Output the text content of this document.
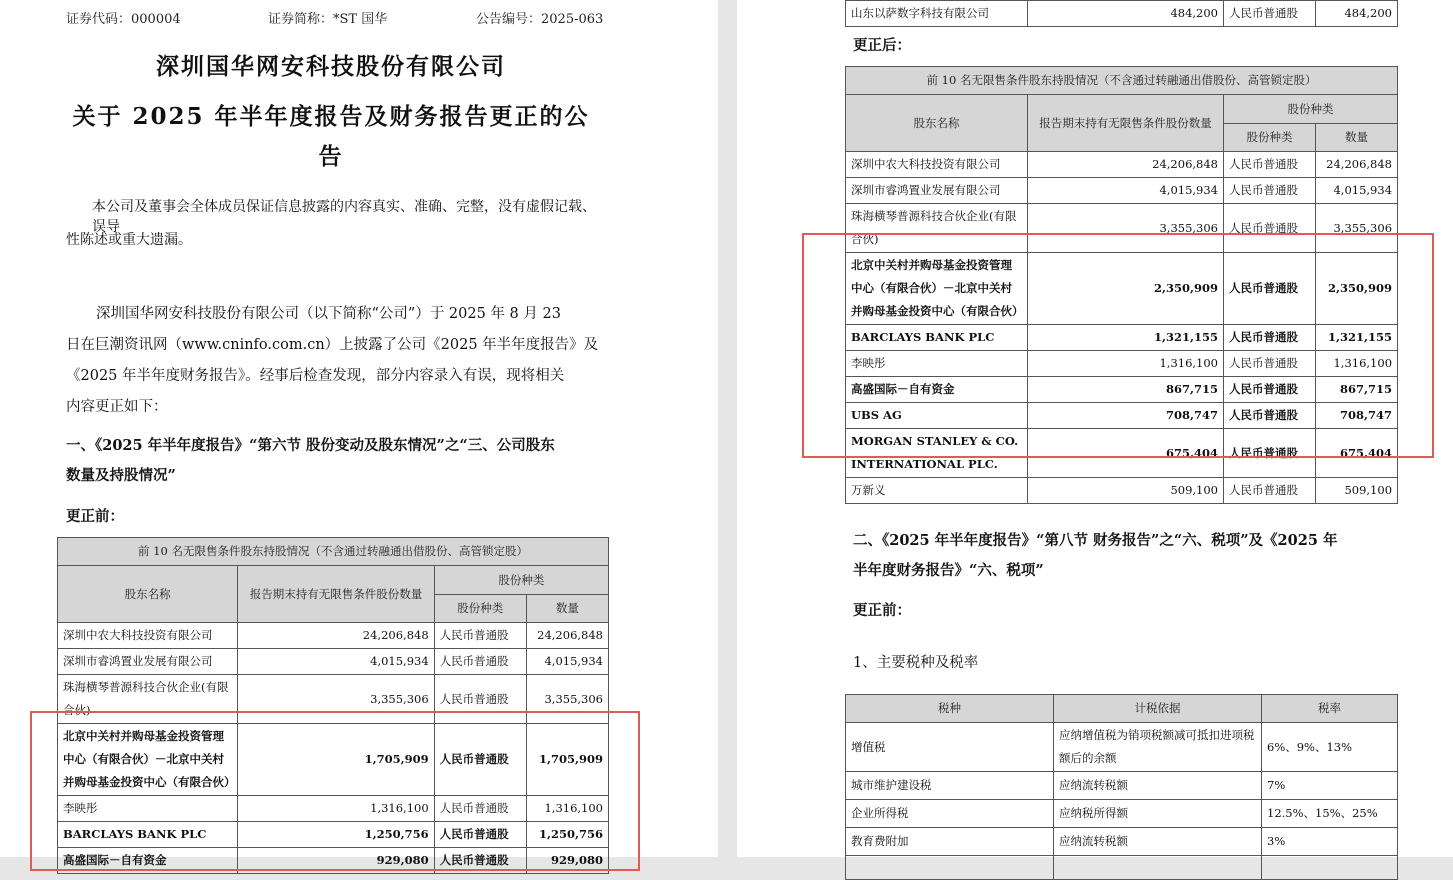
证券代码：000004	证券简称：*ST 国华	公告编号：2025-063
深圳国华网安科技股份有限公司
关于 2025 年半年度报告及财务报告更正的公
告
本公司及董事会全体成员保证信息披露的内容真实、准确、完整，没有虚假记载、误导
性陈述或重大遗漏。
深圳国华网安科技股份有限公司（以下简称“公司”）于 2025 年 8 月 23
日在巨潮资讯网（www.cninfo.com.cn）上披露了公司《2025 年半年度报告》及
《2025 年半年度财务报告》。经事后检查发现，部分内容录入有误，现将相关
内容更正如下：
一、《2025 年半年度报告》“第六节 股份变动及股东情况”之“三、公司股东
数量及持股情况”
更正前：
前 10 名无限售条件股东持股情况（不含通过转融通出借股份、高管锁定股）			
股东名称	报告期末持有无限售条件股份数量	股份种类	
		股份种类	数量
深圳中农大科技投资有限公司	24,206,848	人民币普通股	24,206,848
深圳市睿鸿置业发展有限公司	4,015,934	人民币普通股	4,015,934
珠海横琴普源科技合伙企业(有限合伙)	3,355,306	人民币普通股	3,355,306
北京中关村并购母基金投资管理中心（有限合伙）－北京中关村并购母基金投资中心（有限合伙）	1,705,909	人民币普通股	1,705,909
李映彤	1,316,100	人民币普通股	1,316,100
BARCLAYS BANK PLC	1,250,756	人民币普通股	1,250,756
高盛国际－自有资金	929,080	人民币普通股	929,080
山东以萨数字科技有限公司	484,200	人民币普通股	484,200
更正后：
前 10 名无限售条件股东持股情况（不含通过转融通出借股份、高管锁定股）			
股东名称	报告期末持有无限售条件股份数量	股份种类	
		股份种类	数量
深圳中农大科技投资有限公司	24,206,848	人民币普通股	24,206,848
深圳市睿鸿置业发展有限公司	4,015,934	人民币普通股	4,015,934
珠海横琴普源科技合伙企业(有限合伙)	3,355,306	人民币普通股	3,355,306
北京中关村并购母基金投资管理中心（有限合伙）－北京中关村并购母基金投资中心（有限合伙）	2,350,909	人民币普通股	2,350,909
BARCLAYS BANK PLC	1,321,155	人民币普通股	1,321,155
李映彤	1,316,100	人民币普通股	1,316,100
高盛国际－自有资金	867,715	人民币普通股	867,715
UBS AG	708,747	人民币普通股	708,747
MORGAN STANLEY & CO. INTERNATIONAL PLC.	675,404	人民币普通股	675,404
万新义	509,100	人民币普通股	509,100
二、《2025 年半年度报告》“第八节 财务报告”之“六、税项”及《2025 年
半年度财务报告》“六、税项”
更正前：
1、主要税种及税率
税种	计税依据	税率
增值税	应纳增值税为销项税额减可抵扣进项税额后的余额	6%、9%、13%
城市维护建设税	应纳流转税额	7%
企业所得税	应纳税所得额	12.5%、15%、25%
教育费附加	应纳流转税额	3%
